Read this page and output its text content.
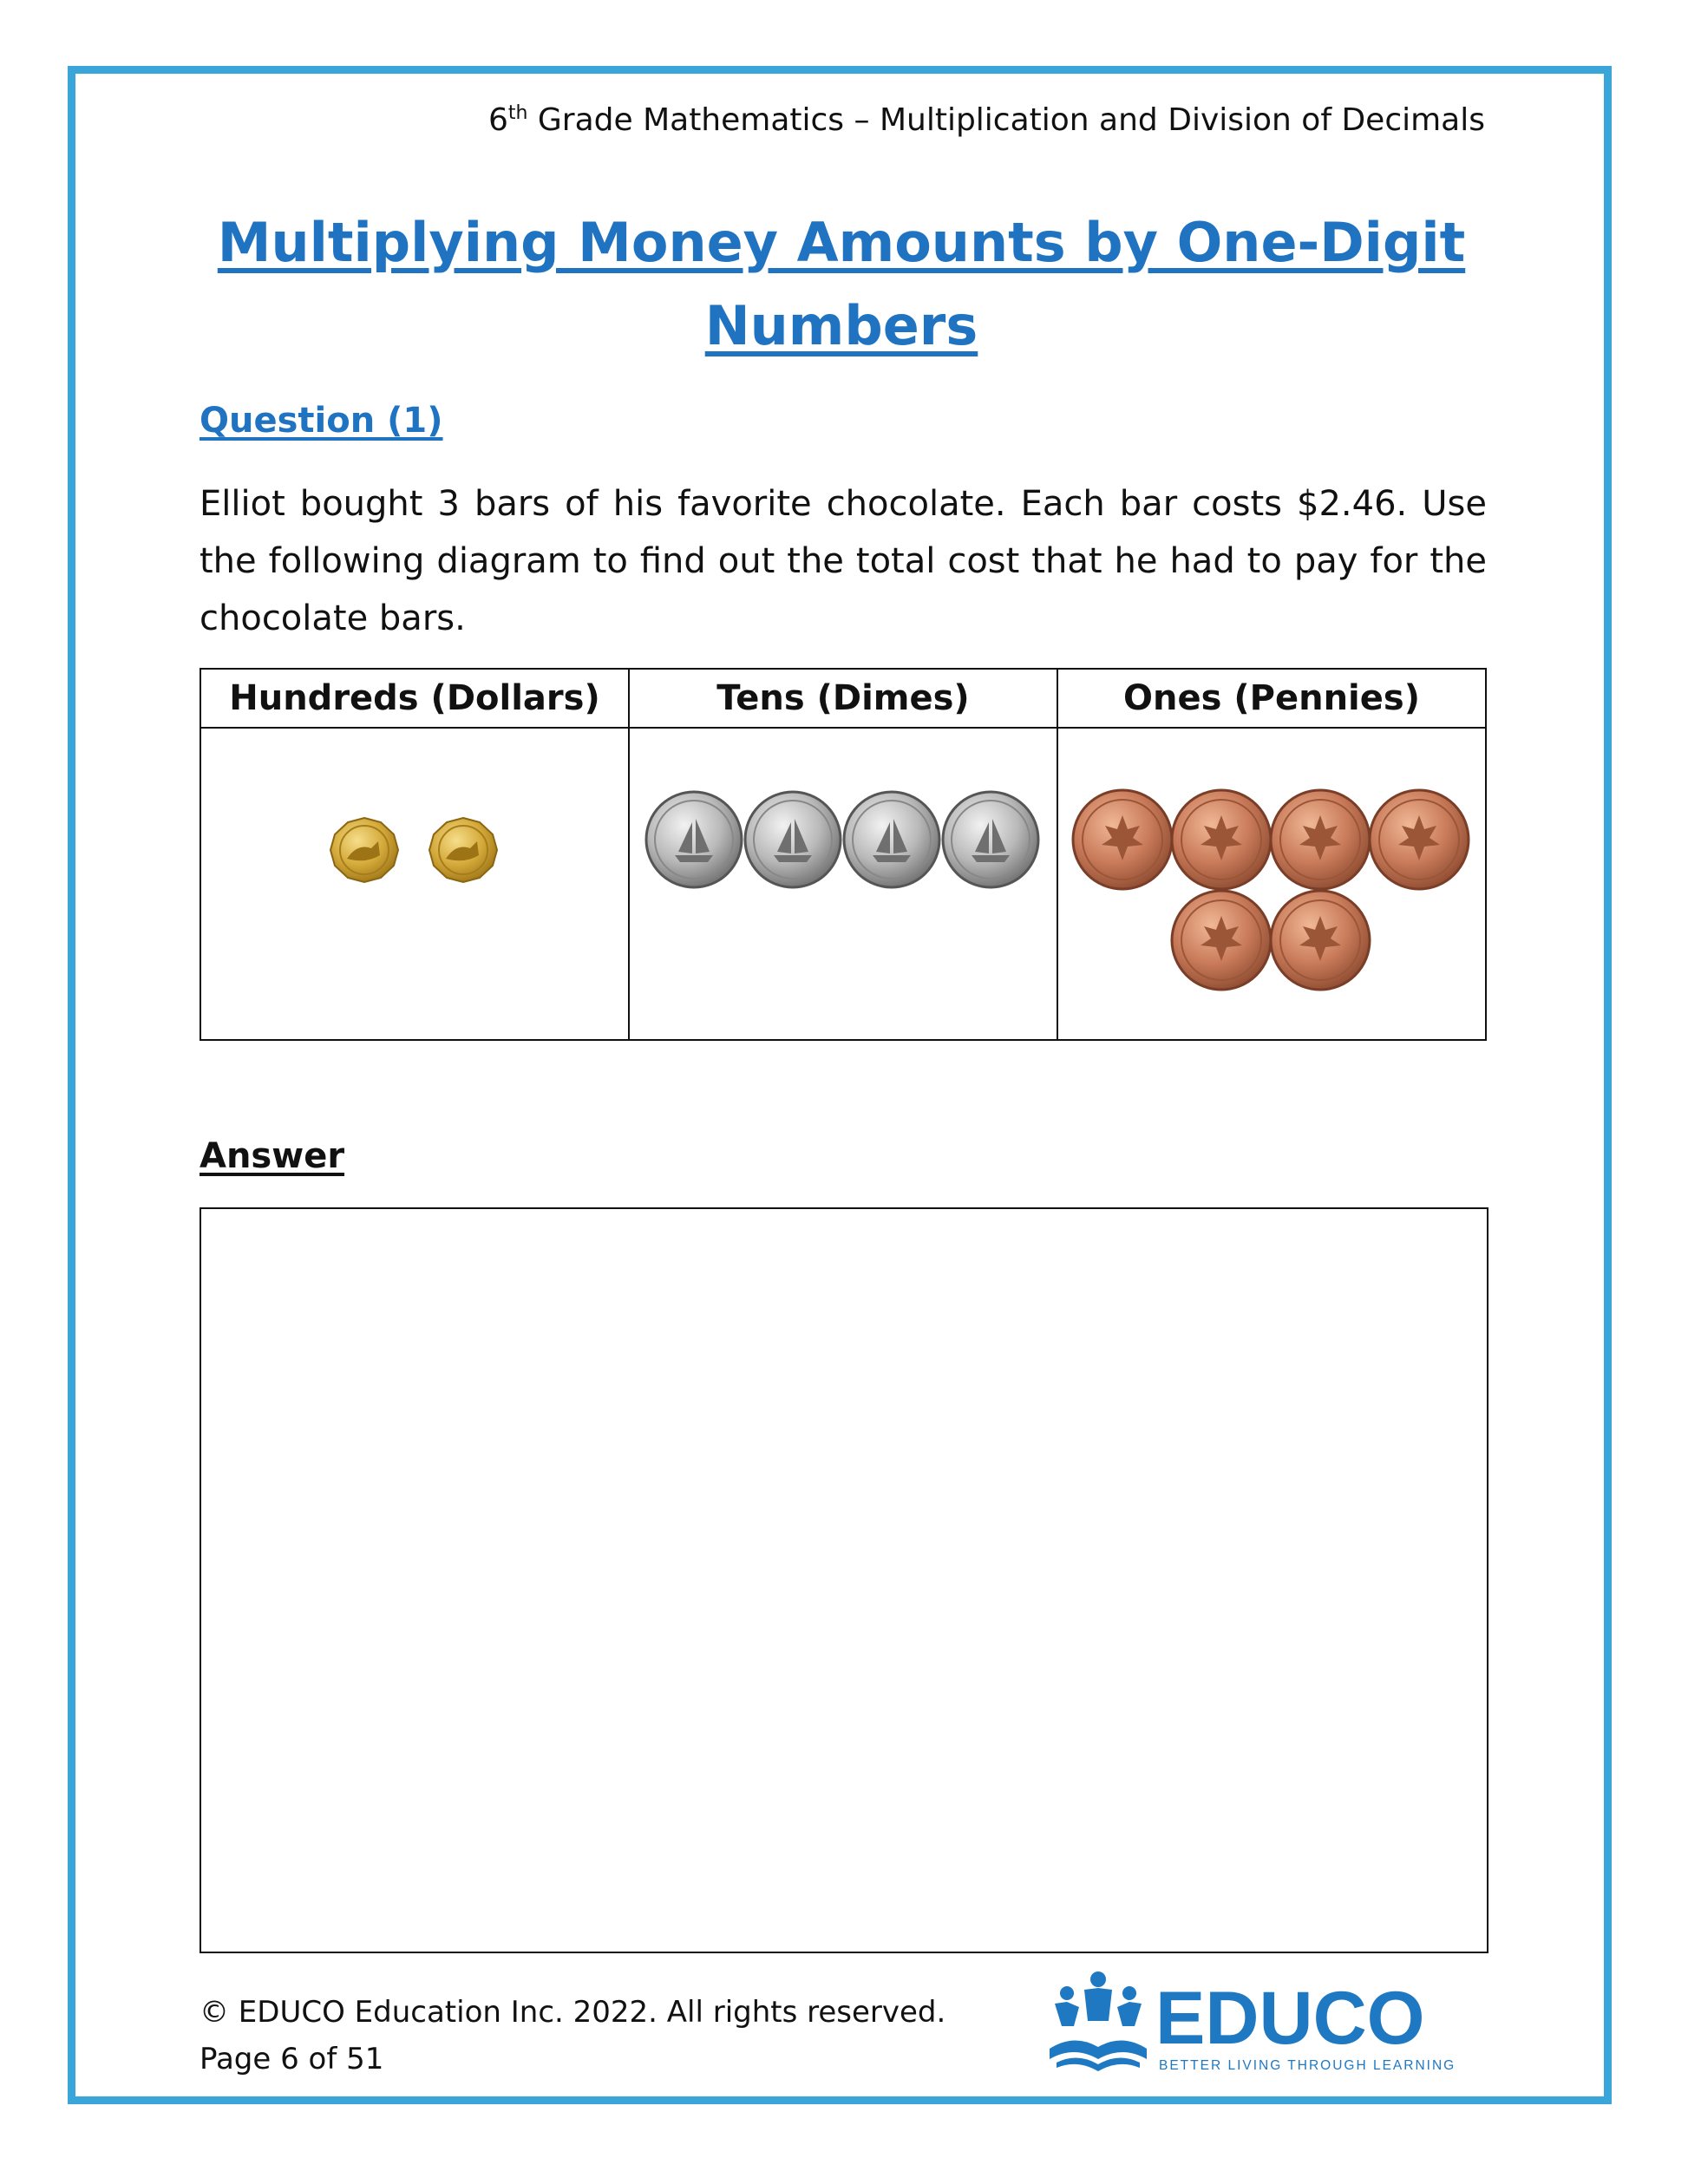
6th Grade Mathematics – Multiplication and Division of Decimals
Multiplying Money Amounts by One-Digit Numbers
Question (1)
Elliot bought 3 bars of his favorite chocolate. Each bar costs $2.46. Use the following diagram to find out the total cost that he had to pay for the chocolate bars.
Hundreds (Dollars)	Tens (Dimes)	Ones (Pennies)

Answer
© EDUCO Education Inc. 2022. All rights reserved.
Page 6 of 51	EDUCO
BETTER LIVING THROUGH LEARNING
